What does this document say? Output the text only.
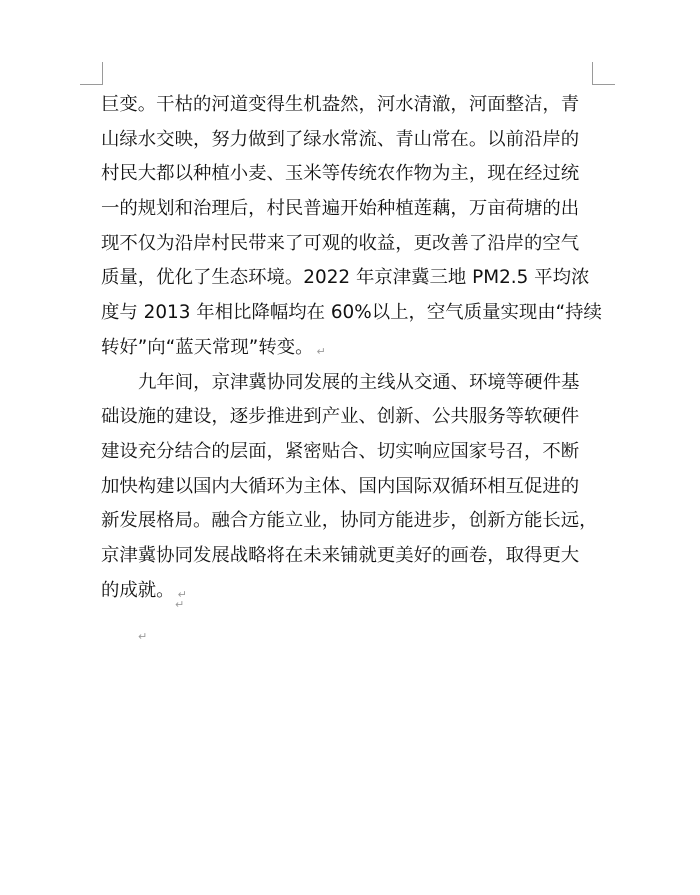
巨变。干枯的河道变得生机盎然，河水清澈，河面整洁，青
山绿水交映，努力做到了绿水常流、青山常在。以前沿岸的
村民大都以种植小麦、玉米等传统农作物为主，现在经过统
一的规划和治理后，村民普遍开始种植莲藕，万亩荷塘的出
现不仅为沿岸村民带来了可观的收益，更改善了沿岸的空气
质量，优化了生态环境。2022 年京津冀三地 PM2.5 平均浓
度与 2013 年相比降幅均在 60%以上，空气质量实现由“持续
转好”向“蓝天常现”转变。 ↵
九年间，京津冀协同发展的主线从交通、环境等硬件基
础设施的建设，逐步推进到产业、创新、公共服务等软硬件
建设充分结合的层面，紧密贴合、切实响应国家号召，不断
加快构建以国内大循环为主体、国内国际双循环相互促进的
新发展格局。融合方能立业，协同方能进步，创新方能长远，
京津冀协同发展战略将在未来铺就更美好的画卷，取得更大
的成就。 ↵
↵
↵
